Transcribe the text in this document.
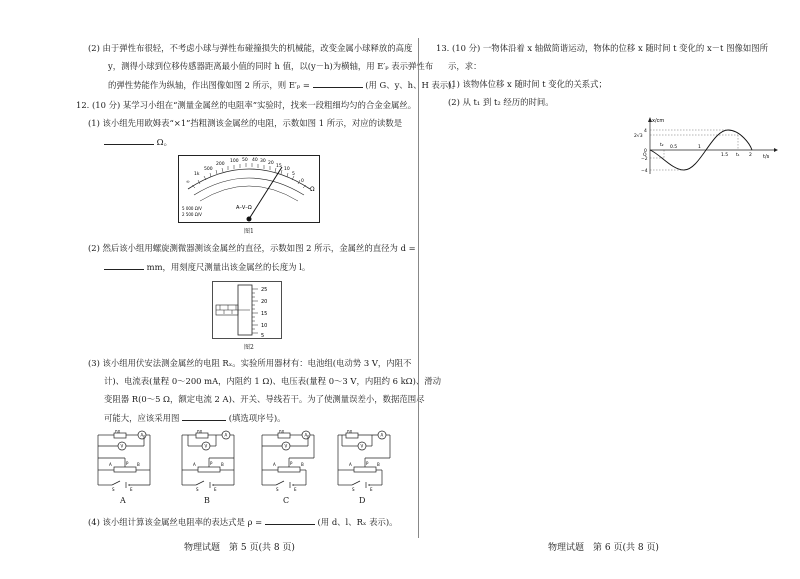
(2) 由于弹性布很轻，不考虑小球与弹性布碰撞损失的机械能，改变金属小球释放的高度
y，测得小球到位移传感器距离最小值的同时 h 值，以(y－h)为横轴，用 E′ₚ 表示弹性布
的弹性势能作为纵轴，作出图像如图 2 所示，则 E′ₚ =	(用 G、y、h、H 表示)。
12. (10 分) 某学习小组在“测量金属丝的电阻率”实验时，找来一段粗细均匀的合金金属丝。
(1) 该小组先用欧姆表“×1”挡粗测该金属丝的电阻，示数如图 1 所示，对应的读数是
Ω。
∞
1k
500
200
100 50 40 30 20
15
10
5
0
Ω
A–V–Ω
5 000 Ω/V
2 500 Ω/V
图1
(2) 然后该小组用螺旋测微器测该金属丝的直径，示数如图 2 所示，金属丝的直径为 d =
mm，用刻度尺测量出该金属丝的长度为 l。
25
20
15
10
5
图2
(3) 该小组用伏安法测金属丝的电阻 Rₓ。实验所用器材有：电池组(电动势 3 V，内阻不
计)、电流表(量程 0～200 mA，内阻约 1 Ω)、电压表(量程 0～3 V，内阻约 6 kΩ)、滑动
变阻器 R(0～5 Ω，额定电流 2 A)、开关、导线若干。为了使测量误差小，数据范围尽
可能大，应该采用图	(填选项序号)。
Rx
A
V
A	B
P
S	E
A
Rx
A
V
A	B
P
S	E
B
Rx
A
V
A	B
P
S	E
C
Rx
A
V
A	B
P
S	E
D
(4) 该小组计算该金属丝电阻率的表达式是 ρ =	(用 d、l、Rₓ 表示)。
物理试题　第 5 页(共 8 页)
13. (10 分) 一物体沿着 x 轴做简谐运动，物体的位移 x 随时间 t 变化的 x－t 图像如图所
示，求：
(1) 该物体位移 x 随时间 t 变化的关系式；
(2) 从 t₁ 到 t₂ 经历的时间。
x/cm
t/s
4
2√3
0
−2
−4
0.5	1
1.5 t₁ 2
t₂
O
物理试题　第 6 页(共 8 页)
